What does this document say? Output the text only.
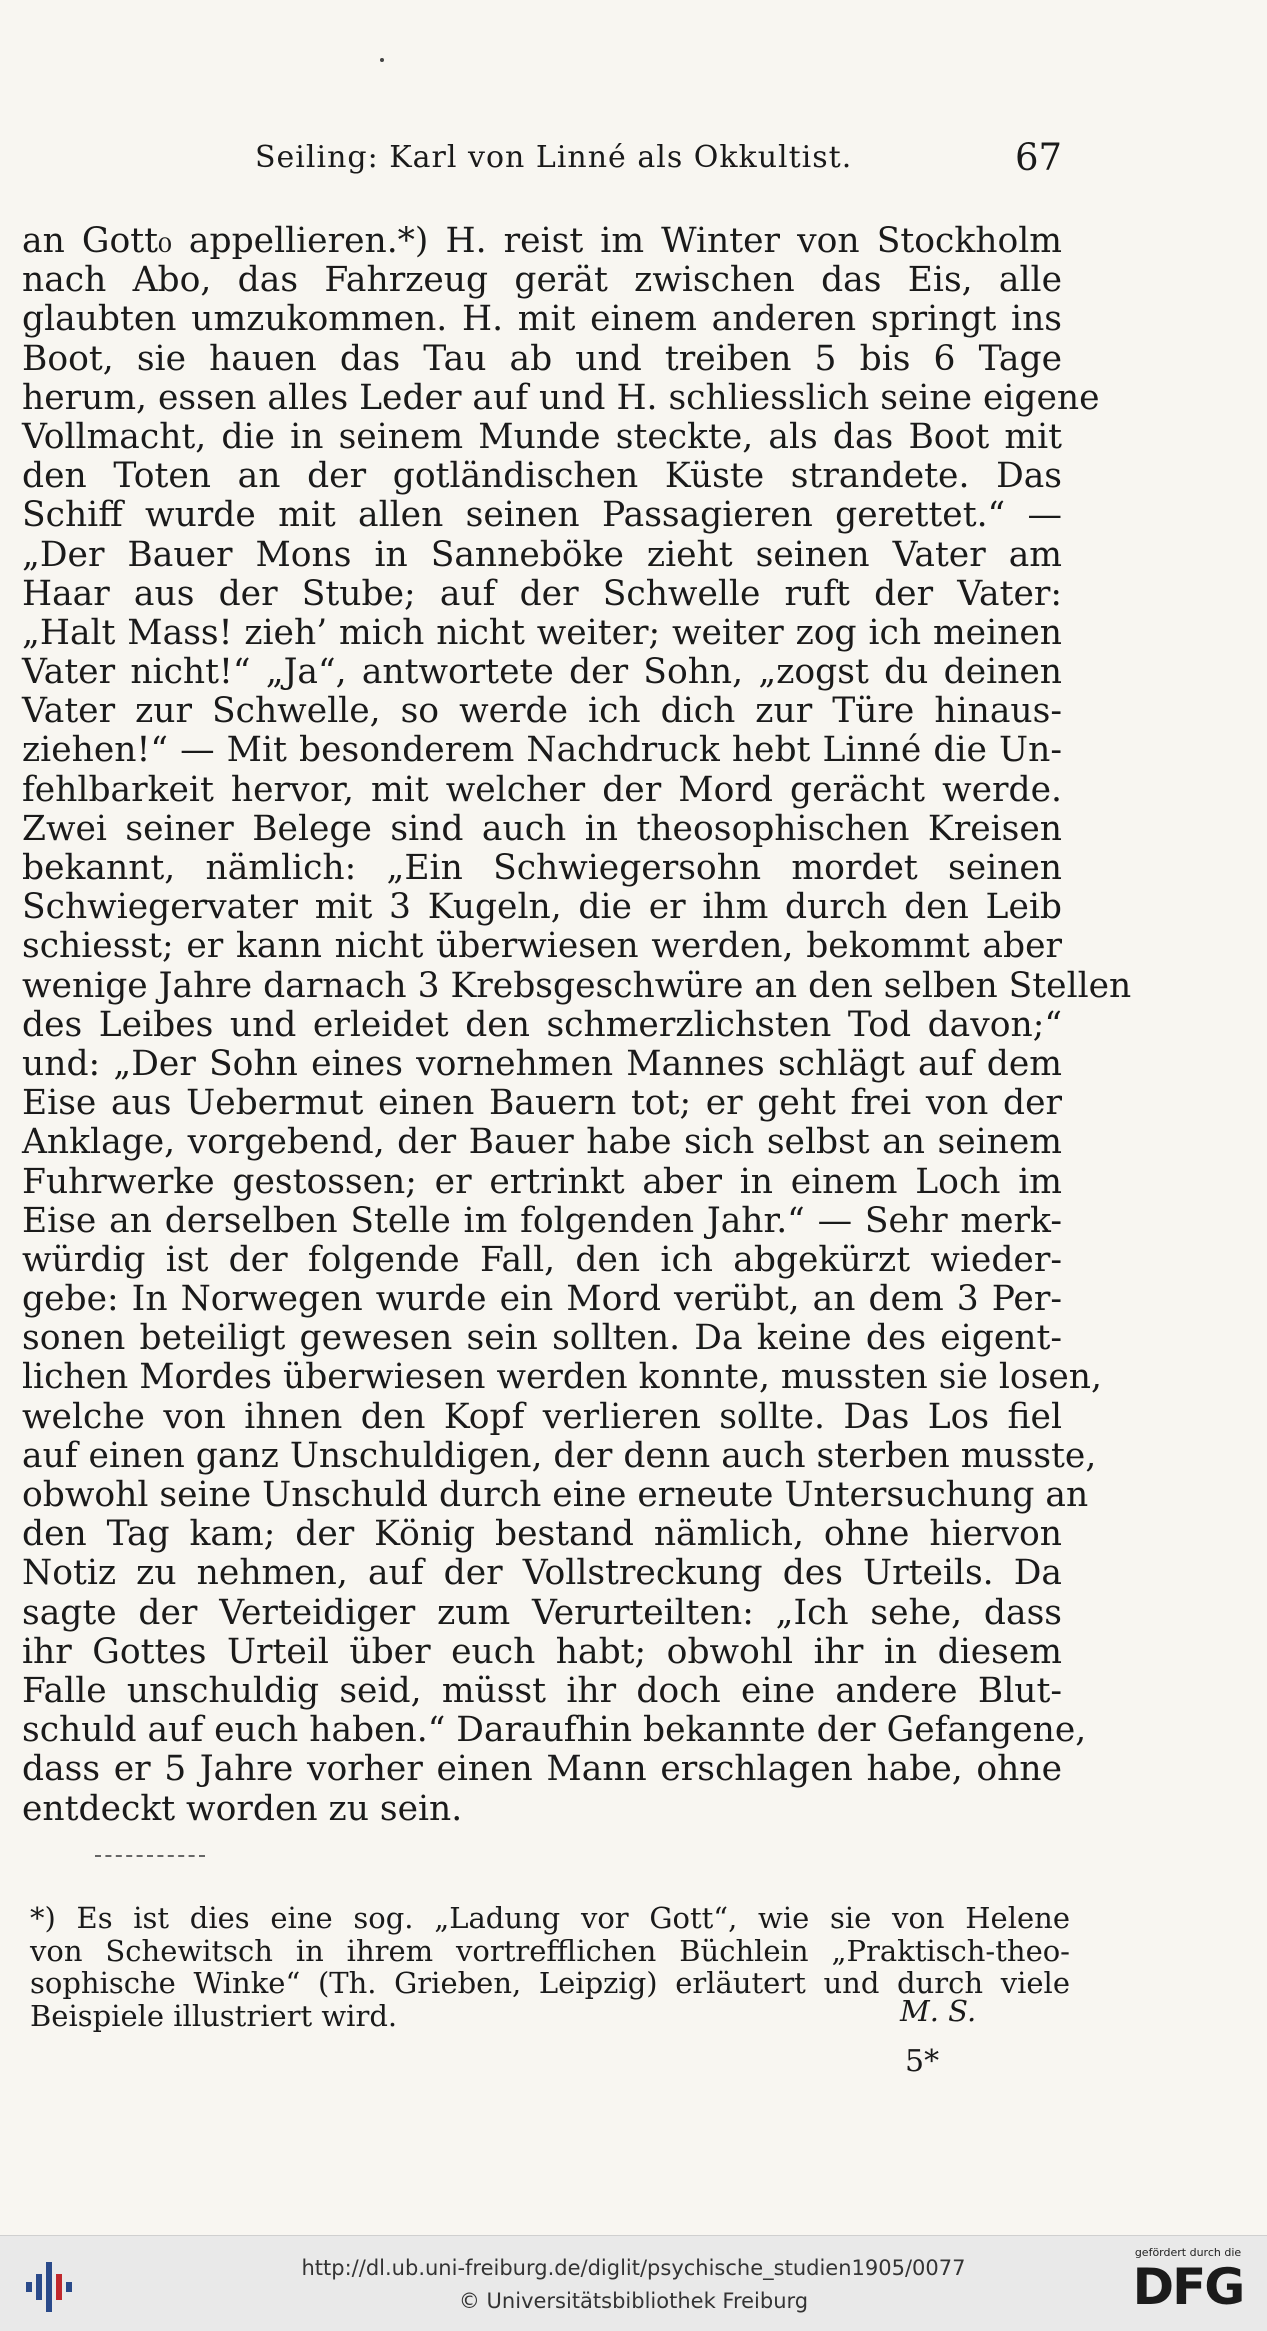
Seiling: Karl von Linné als Okkultist.	67
an Gott₀ appellieren.*) H. reist im Winter von Stockholm
nach Abo, das Fahrzeug gerät zwischen das Eis, alle
glaubten umzukommen. H. mit einem anderen springt ins
Boot, sie hauen das Tau ab und treiben 5 bis 6 Tage
herum, essen alles Leder auf und H. schliesslich seine eigene
Vollmacht, die in seinem Munde steckte, als das Boot mit
den Toten an der gotländischen Küste strandete. Das
Schiff wurde mit allen seinen Passagieren gerettet.“ —
„Der Bauer Mons in Sanneböke zieht seinen Vater am
Haar aus der Stube; auf der Schwelle ruft der Vater:
„Halt Mass! zieh’ mich nicht weiter; weiter zog ich meinen
Vater nicht!“ „Ja“, antwortete der Sohn, „zogst du deinen
Vater zur Schwelle, so werde ich dich zur Türe hinaus-
ziehen!“ — Mit besonderem Nachdruck hebt Linné die Un-
fehlbarkeit hervor, mit welcher der Mord gerächt werde.
Zwei seiner Belege sind auch in theosophischen Kreisen
bekannt, nämlich: „Ein Schwiegersohn mordet seinen
Schwiegervater mit 3 Kugeln, die er ihm durch den Leib
schiesst; er kann nicht überwiesen werden, bekommt aber
wenige Jahre darnach 3 Krebsgeschwüre an den selben Stellen
des Leibes und erleidet den schmerzlichsten Tod davon;“
und: „Der Sohn eines vornehmen Mannes schlägt auf dem
Eise aus Uebermut einen Bauern tot; er geht frei von der
Anklage, vorgebend, der Bauer habe sich selbst an seinem
Fuhrwerke gestossen; er ertrinkt aber in einem Loch im
Eise an derselben Stelle im folgenden Jahr.“ — Sehr merk-
würdig ist der folgende Fall, den ich abgekürzt wieder-
gebe: In Norwegen wurde ein Mord verübt, an dem 3 Per-
sonen beteiligt gewesen sein sollten. Da keine des eigent-
lichen Mordes überwiesen werden konnte, mussten sie losen,
welche von ihnen den Kopf verlieren sollte. Das Los fiel
auf einen ganz Unschuldigen, der denn auch sterben musste,
obwohl seine Unschuld durch eine erneute Untersuchung an
den Tag kam; der König bestand nämlich, ohne hiervon
Notiz zu nehmen, auf der Vollstreckung des Urteils. Da
sagte der Verteidiger zum Verurteilten: „Ich sehe, dass
ihr Gottes Urteil über euch habt; obwohl ihr in diesem
Falle unschuldig seid, müsst ihr doch eine andere Blut-
schuld auf euch haben.“ Daraufhin bekannte der Gefangene,
dass er 5 Jahre vorher einen Mann erschlagen habe, ohne
entdeckt worden zu sein.
*) Es ist dies eine sog. „Ladung vor Gott“, wie sie von Helene
von Schewitsch in ihrem vortrefflichen Büchlein „Praktisch-theo-
sophische Winke“ (Th. Grieben, Leipzig) erläutert und durch viele
Beispiele illustriert wird.	M. S.
5*
http://dl.ub.uni-freiburg.de/diglit/psychische_studien1905/0077
© Universitätsbibliothek Freiburg
gefördert durch die
DFG
